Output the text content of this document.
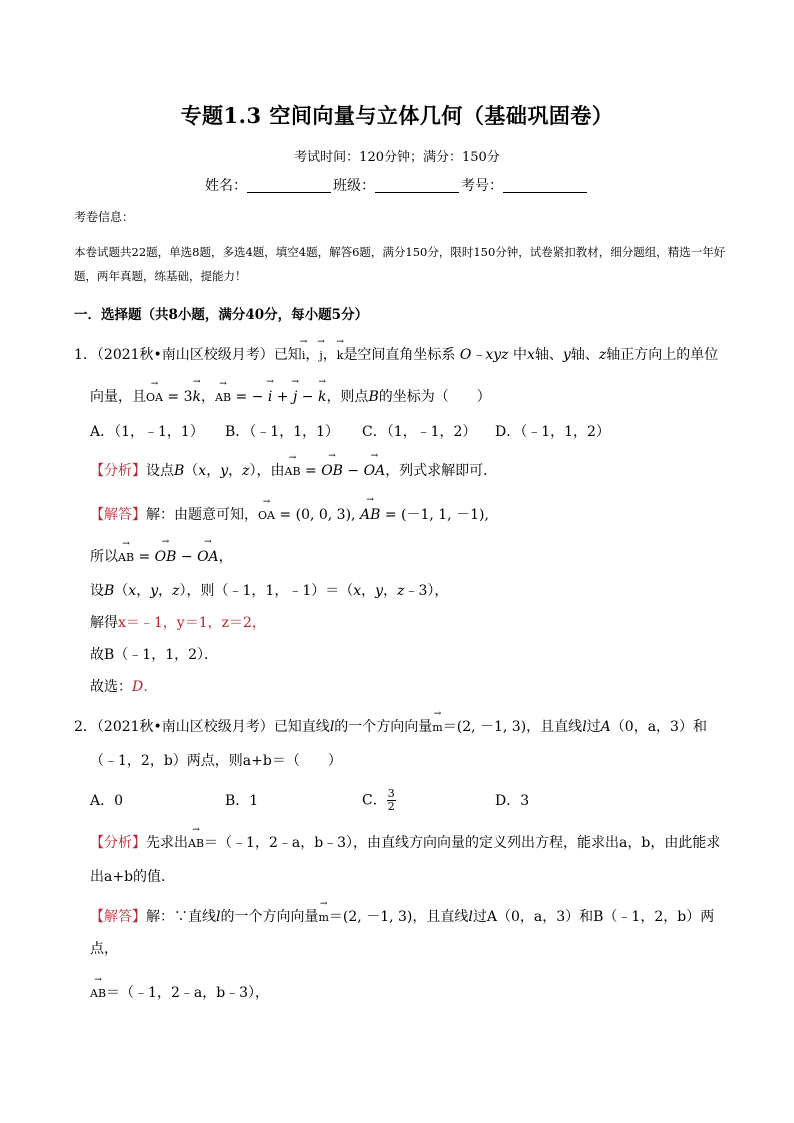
专题1.3 空间向量与立体几何（基础巩固卷）
考试时间：120分钟；满分：150分
姓名：	班级：	考号：
考卷信息：
本卷试题共22题，单选8题，多选4题，填空4题，解答6题，满分150分，限时150分钟，试卷紧扣教材，细分题组，精选一年好题，两年真题，练基础，提能力！
一．选择题（共8小题，满分40分，每小题5分）
1．（2021秋•南山区校级月考）已知→ i，→ j，→ k是空间直角坐标系 O﹣xyz 中x轴、y轴、z轴正方向上的单位
向量，且→ OA = 3→ k，→ AB = − → i + → j − → k，则点B的坐标为（　　）
A．（1，﹣1，1） B．（﹣1，1，1） C．（1，﹣1，2） D．（﹣1，1，2）
【分析】设点B（x，y，z），由→ AB = → OB − → OA，列式求解即可．
【解答】解：由题意可知，→ OA = (0, 0, 3), → AB = (－1, 1, －1),
所以→ AB = → OB − → OA，
设B（x，y，z），则（﹣1，1，﹣1）＝（x，y，z﹣3），
解得x＝﹣1，y＝1，z＝2，
故B（﹣1，1，2）．
故选：D．
2．（2021秋•南山区校级月考）已知直线l的一个方向向量→ m＝(2, －1, 3)，且直线l过A（0，a，3）和
（﹣1，2，b）两点，则a+b＝（　　）
A．0	B．1	C． $\frac{3}{2}$	D．3
【分析】先求出→ AB＝（﹣1，2﹣a，b﹣3），由直线方向向量的定义列出方程，能求出a，b，由此能求
出a+b的值．
【解答】解：∵直线l的一个方向向量→ m＝(2, －1, 3)，且直线l过A（0，a，3）和B（﹣1，2，b）两
点，
→ AB＝（﹣1，2﹣a，b﹣3），
